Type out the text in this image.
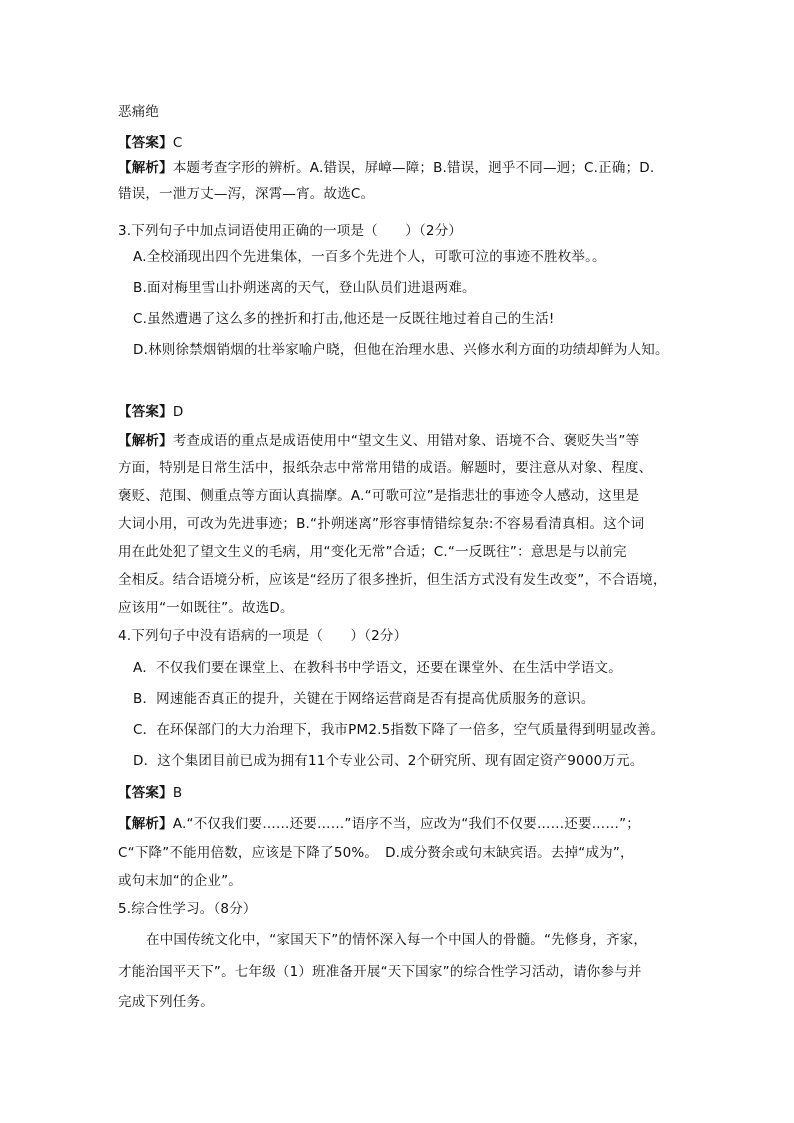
恶痛绝
【答案】C
【解析】本题考查字形的辨析。A.错误，屏嶂—障；B.错误，迥乎不同—迥；C.正确；D.
错误，一泄万丈—泻，深霄—宵。故选C。
3.下列句子中加点词语使用正确的一项是（　　）（2分）
A.全校涌现出四个先进集体，一百多个先进个人，可歌可泣的事迹不胜枚举。。
B.面对梅里雪山扑朔迷离的天气，登山队员们进退两难。
C.虽然遭遇了这么多的挫折和打击,他还是一反既往地过着自己的生活!
D.林则徐禁烟销烟的壮举家喻户晓，但他在治理水患、兴修水利方面的功绩却鲜为人知。
【答案】D
【解析】考查成语的重点是成语使用中“望文生义、用错对象、语境不合、褒贬失当”等
方面，特别是日常生活中，报纸杂志中常常用错的成语。解题时，要注意从对象、程度、
褒贬、范围、侧重点等方面认真揣摩。A.“可歌可泣”是指悲壮的事迹令人感动，这里是
大词小用，可改为先进事迹；B.“扑朔迷离”形容事情错综复杂:不容易看清真相。这个词
用在此处犯了望文生义的毛病，用“变化无常”合适；C.“一反既往”：意思是与以前完
全相反。结合语境分析，应该是“经历了很多挫折，但生活方式没有发生改变”，不合语境，
应该用“一如既往”。故选D。
4.下列句子中没有语病的一项是（　　）（2分）
A．不仅我们要在课堂上、在教科书中学语文，还要在课堂外、在生活中学语文。
B．网速能否真正的提升，关键在于网络运营商是否有提高优质服务的意识。
C．在环保部门的大力治理下，我市PM2.5指数下降了一倍多，空气质量得到明显改善。
D．这个集团目前已成为拥有11个专业公司、2个研究所、现有固定资产9000万元。
【答案】B
【解析】A.“不仅我们要……还要……”语序不当，应改为“我们不仅要……还要……”；
C“下降”不能用倍数，应该是下降了50%。　D.成分赘余或句末缺宾语。去掉“成为”，
或句末加“的企业”。
5.综合性学习。（8分）
在中国传统文化中，“家国天下”的情怀深入每一个中国人的骨髓。“先修身，齐家，
才能治国平天下”。七年级（1）班准备开展“天下国家”的综合性学习活动，请你参与并
完成下列任务。
